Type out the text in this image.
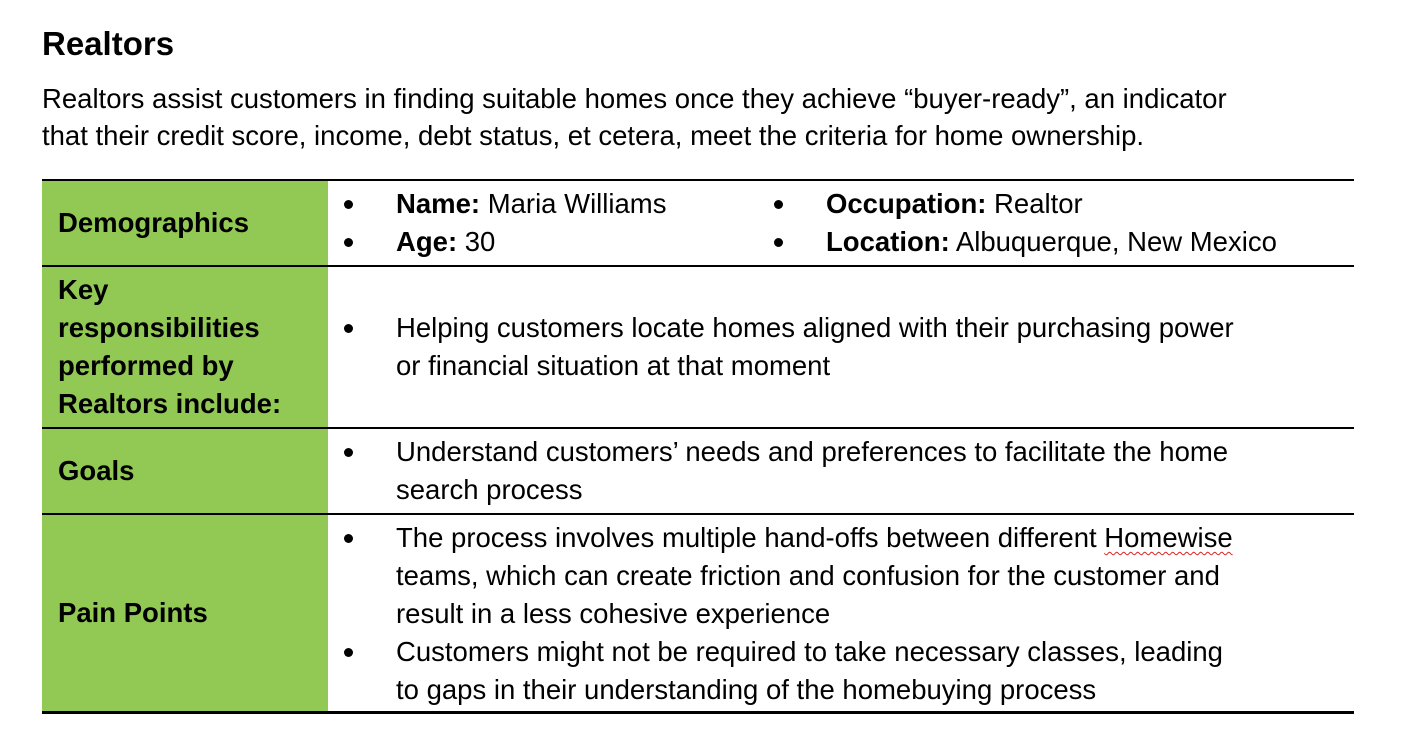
Realtors

Realtors assist customers in finding suitable homes once they achieve “buyer-ready”, an indicator
that their credit score, income, debt status, et cetera, meet the criteria for home ownership.

Demographics
Name: Maria Williams
Age: 30
Occupation: Realtor
Location: Albuquerque, New Mexico
Key
responsibilities
performed by
Realtors include:
Helping customers locate homes aligned with their purchasing power
or financial situation at that moment
Goals
Understand customers’ needs and preferences to facilitate the home
search process
Pain Points
The process involves multiple hand-offs between different Homewise
teams, which can create friction and confusion for the customer and
result in a less cohesive experience
Customers might not be required to take necessary classes, leading
to gaps in their understanding of the homebuying process
